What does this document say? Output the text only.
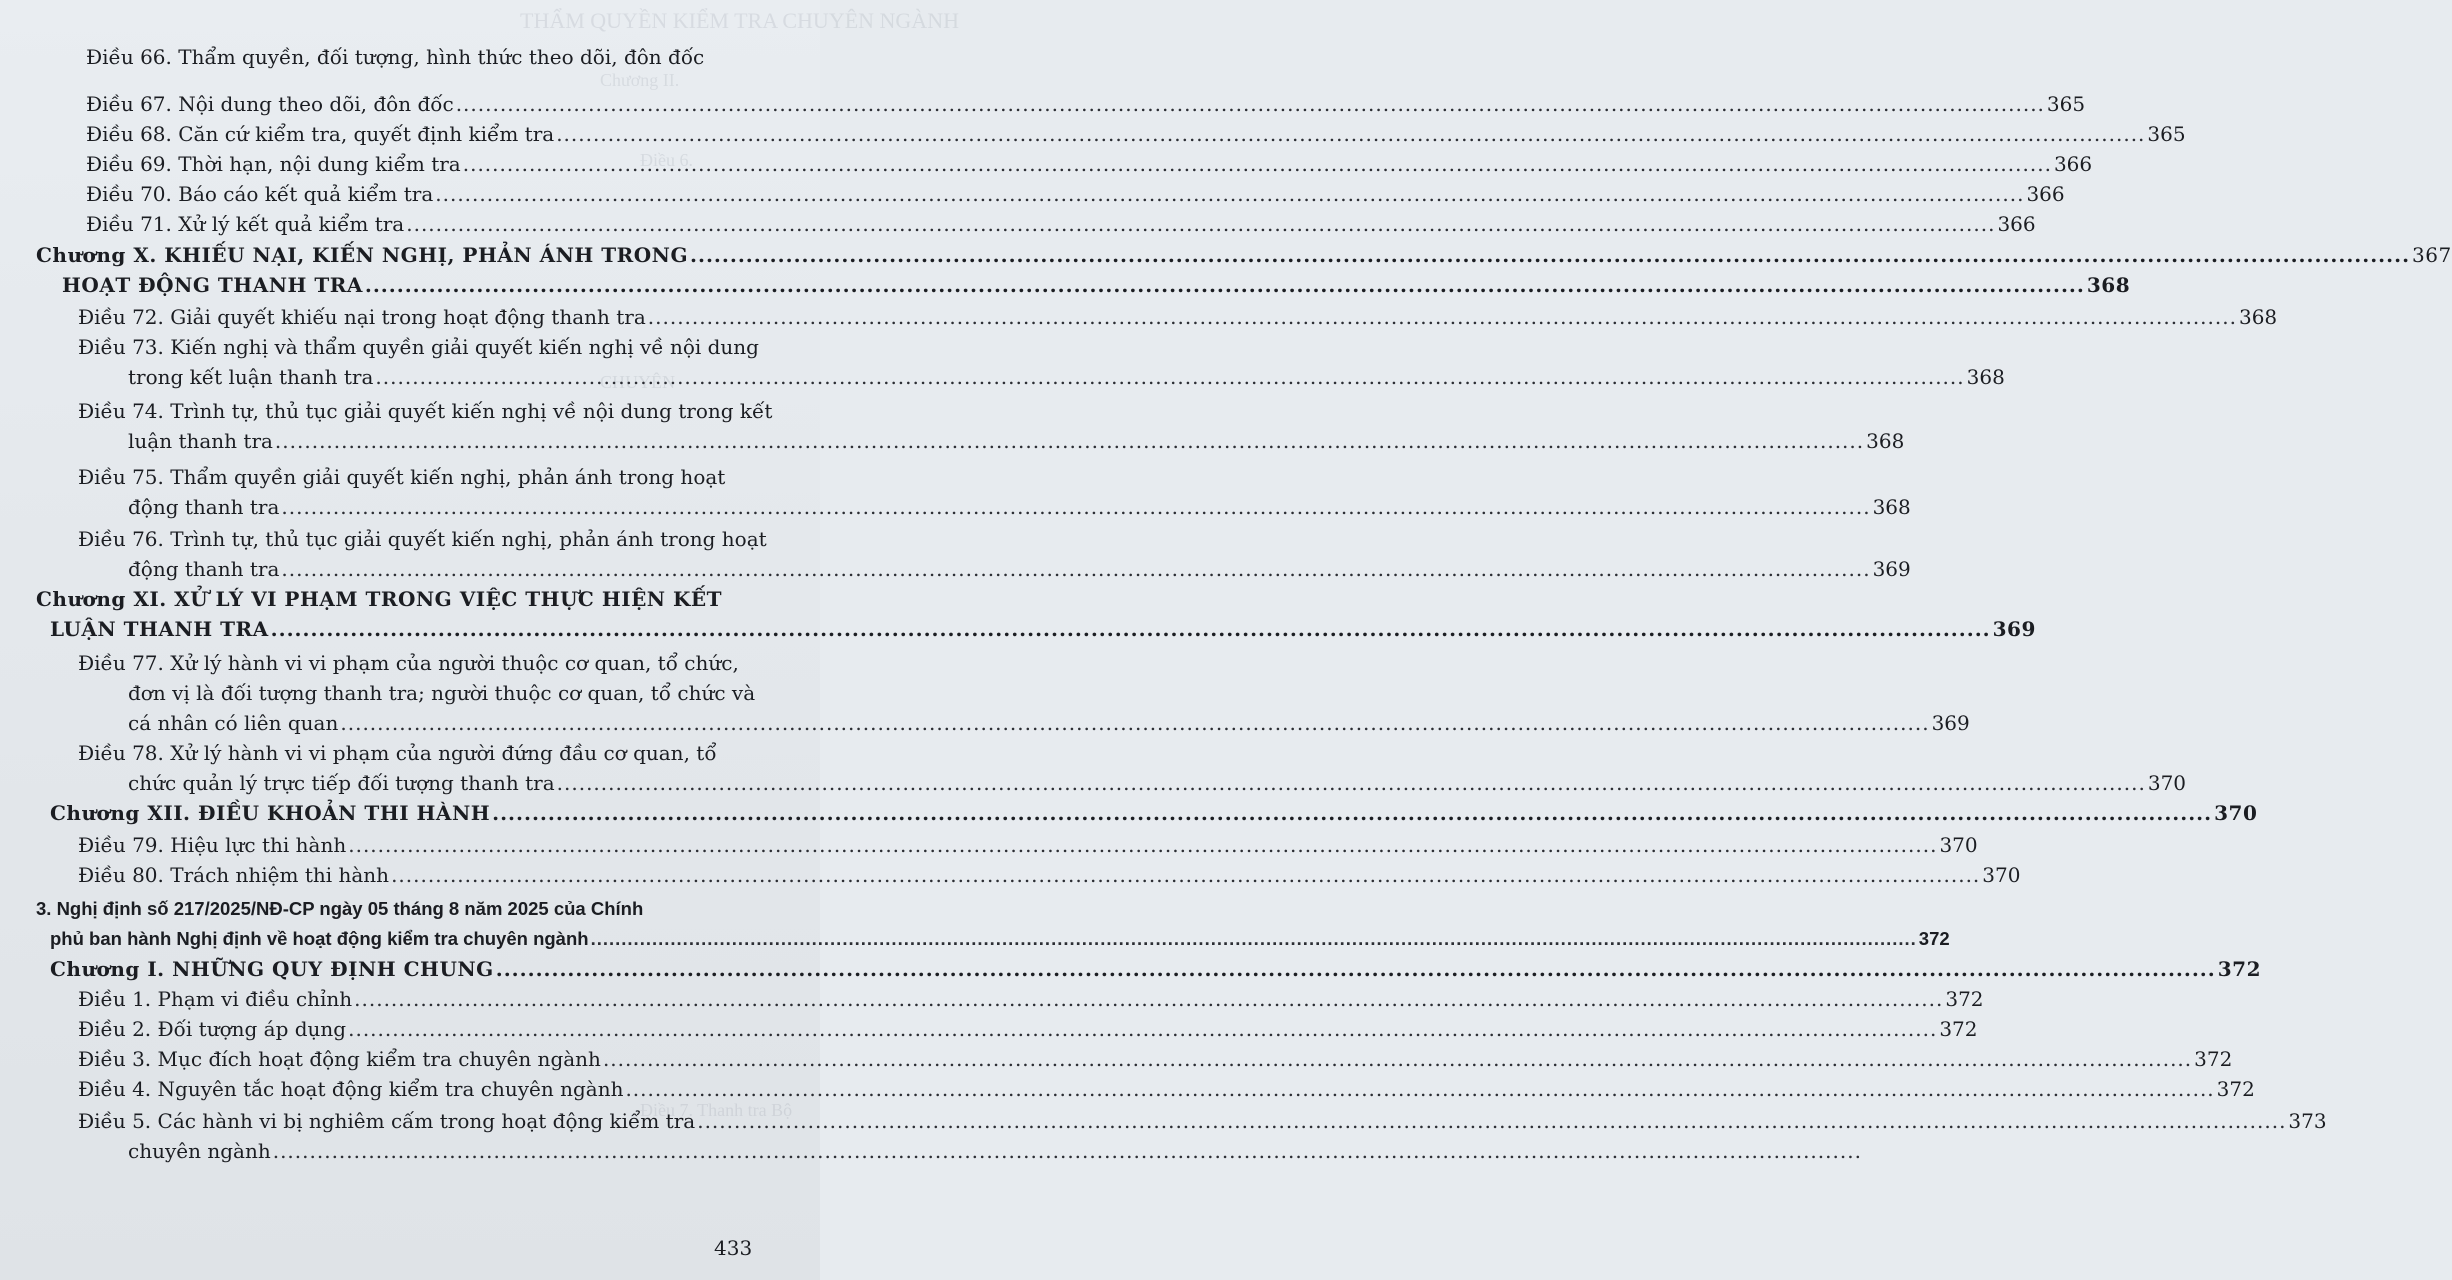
THẨM QUYỀN KIỂM TRA CHUYÊN NGÀNH
Chương II.
Điều 6.
CHUYÊN
Điều 7. Thanh tra Bộ
Điều 66. Thẩm quyền, đối tượng, hình thức theo dõi, đôn đốc
Điều 67. Nội dung theo dõi, đôn đốc .....	365
Điều 68. Căn cứ kiểm tra, quyết định kiểm tra .....	365
Điều 69. Thời hạn, nội dung kiểm tra .....	366
Điều 70. Báo cáo kết quả kiểm tra .....	366
Điều 71. Xử lý kết quả kiểm tra .....	366
Chương X. KHIẾU NẠI, KIẾN NGHỊ, PHẢN ÁNH TRONG .....	367
HOẠT ĐỘNG THANH TRA .....	368
Điều 72. Giải quyết khiếu nại trong hoạt động thanh tra .....	368
Điều 73. Kiến nghị và thẩm quyền giải quyết kiến nghị về nội dung
trong kết luận thanh tra .....	368
Điều 74. Trình tự, thủ tục giải quyết kiến nghị về nội dung trong kết
luận thanh tra .....	368
Điều 75. Thẩm quyền giải quyết kiến nghị, phản ánh trong hoạt
động thanh tra .....	368
Điều 76. Trình tự, thủ tục giải quyết kiến nghị, phản ánh trong hoạt
động thanh tra .....	369
Chương XI. XỬ LÝ VI PHẠM TRONG VIỆC THỰC HIỆN KẾT
LUẬN THANH TRA .....	369
Điều 77. Xử lý hành vi vi phạm của người thuộc cơ quan, tổ chức,
đơn vị là đối tượng thanh tra; người thuộc cơ quan, tổ chức và
cá nhân có liên quan .....	369
Điều 78. Xử lý hành vi vi phạm của người đứng đầu cơ quan, tổ
chức quản lý trực tiếp đối tượng thanh tra .....	370
Chương XII. ĐIỀU KHOẢN THI HÀNH .....	370
Điều 79. Hiệu lực thi hành .....	370
Điều 80. Trách nhiệm thi hành .....	370
3. Nghị định số 217/2025/NĐ-CP ngày 05 tháng 8 năm 2025 của Chính
phủ ban hành Nghị định về hoạt động kiểm tra chuyên ngành .....	372
Chương I. NHỮNG QUY ĐỊNH CHUNG .....	372
Điều 1. Phạm vi điều chỉnh .....	372
Điều 2. Đối tượng áp dụng .....	372
Điều 3. Mục đích hoạt động kiểm tra chuyên ngành .....	372
Điều 4. Nguyên tắc hoạt động kiểm tra chuyên ngành .....	372
Điều 5. Các hành vi bị nghiêm cấm trong hoạt động kiểm tra .....	373
chuyên ngành
.....
433
